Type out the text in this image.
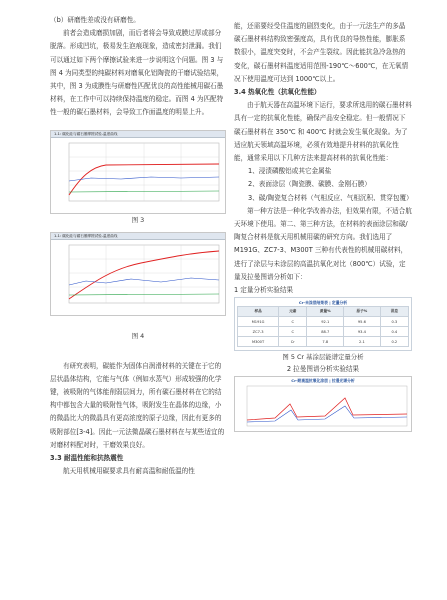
（b）研磨性差或没有研磨性。

前者会造成磨损加剧，而后者将会导致成膜过厚或部分脱落。形成凹坑，极易发生泡痕现象，造成密封泄漏。我们可以通过如下两个摩擦试验来进一步说明这个问题。图 3 与图 4 为同类型的纯碳材料对磨氧化铝陶瓷的干磨试验结果，其中，图 3 为成膜性与研磨性匹配优良的高性能械用碳石墨材料，在工作中可以持续保持温度的稳定。而图 4 为匹配特性一般的碳石墨材料，会导致工作面温度的明显上升。

1-1: 碳化硅与碳石墨摩擦试验-温度曲线
图 3
1-1: 碳化硅与碳石墨摩擦试验-温度曲线
图 4

有研究表明，碳能作为固体自润滑材料的关键在于它的层状晶体结构，它能与气体（例如水蒸气）形成较强的化学键，被吸附的气体能削弱层间力，所有碳石墨材料在它的结构中都包含大量的吸附性气体，吸附发生在晶体的边缘，小的微晶比大的微晶具有更高浓度的原子边缘，因此有更多的吸附部位[3-4]。因此一元法微晶碳石墨材料在与某些适宜的对磨材料配对时，干磨效果良好。

3.3 耐温性能和抗热震性

航天用机械用碳要求具有耐高温和耐低温的性

能，还需要经受住温度的剧烈变化，由于一元法生产的多晶碳石墨材料结构致密强度高，具有优良的导热性能，膨胀系数很小，温度突变时，不会产生裂纹。因此能抗急冷急热的变化，碳石墨材料温度适用范围-190℃～600℃，在无氧情况下使用温度可达到 1000℃以上。

3.4 热氧化性（抗氧化性能）

由于航天器在高温环境下运行，要求所选用的碳石墨材料具有一定的抗氧化性能，确保产品安全稳定。但一般情况下碳石墨材料在 350℃ 和 400℃ 时就会发生氧化现象。为了适应航天领域高温环境，必须有效地提升材料的抗氧化性能，通常采用以下几种方法来提高材料的抗氧化性能：

1、浸渍磷酸铝或其它金属盐
2、表面涂层（陶瓷膜、碳膜、金刚石膜）
3、碳/陶瓷复合材料（气相反应、气相沉积、贯穿包覆）

第一种方法是一种化学改善办法，但效果有限，不适合航天环境下使用。第二、第三种方法，在材料的表面涂层和碳/陶复合材料是航天用机械用碳的研究方向。我们选用了 M191G、ZC7-3、M300T 三种有代表性的机械用碳材料，进行了涂层与未涂层的高温抗氧化对比（800℃）试验，定量及拉曼图谱分析如下：

1 定量分析实验结果

Cr-未涂层结果表 | 定量分析
样品	元素	质量%	原子%	误差
M191G	C	92.1	95.6	0.3
ZC7-3	C	88.7	93.4	0.4
M300T	Cr	7.8	2.1	0.2
图 5 Cr 基涂层能谱定量分析

2 拉曼图谱分析实验结果

Cr-耐高温抗氧化涂层 | 拉曼光谱分析
